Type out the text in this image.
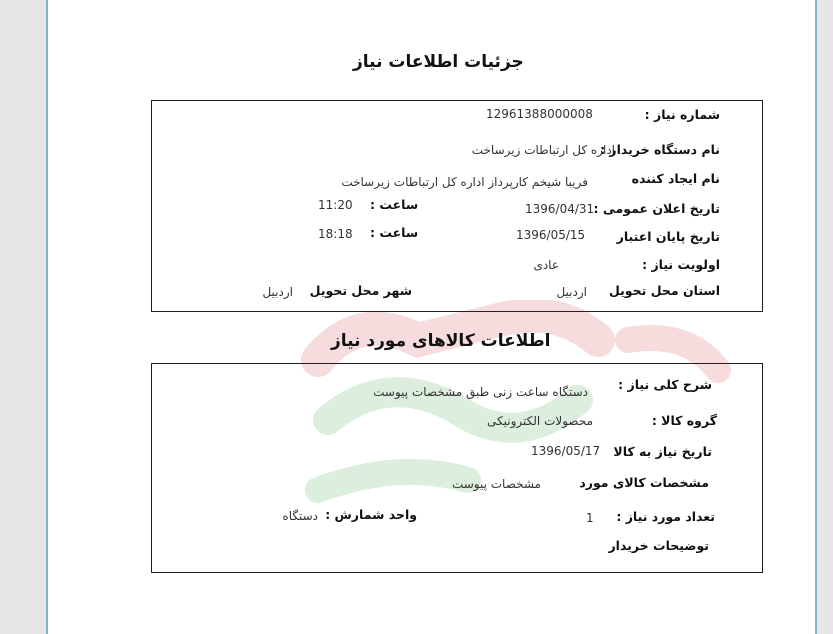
جزئیات اطلاعات نیاز
شماره نیاز :
12961388000008
نام دستگاه خریدار :
اداره کل ارتباطات زیرساخت
نام ایجاد کننده
فریبا شیخم کارپرداز اداره کل ارتباطات زیرساخت
تاریخ اعلان عمومی :
1396/04/31
ساعت :
11:20
تاریخ پایان اعتبار
1396/05/15
ساعت :
18:18
اولویت نیاز :
عادی
استان محل تحویل
اردبیل
شهر محل تحویل
اردبیل
اطلاعات کالاهای مورد نیاز
شرح کلی نیاز :
دستگاه ساعت زنی طبق مشخصات پیوست
گروه کالا :
محصولات الکترونیکی
تاریخ نیاز به کالا
1396/05/17
مشخصات کالای مورد
مشخصات پیوست
تعداد مورد نیاز :
1
واحد شمارش :
دستگاه
توضیحات خریدار
